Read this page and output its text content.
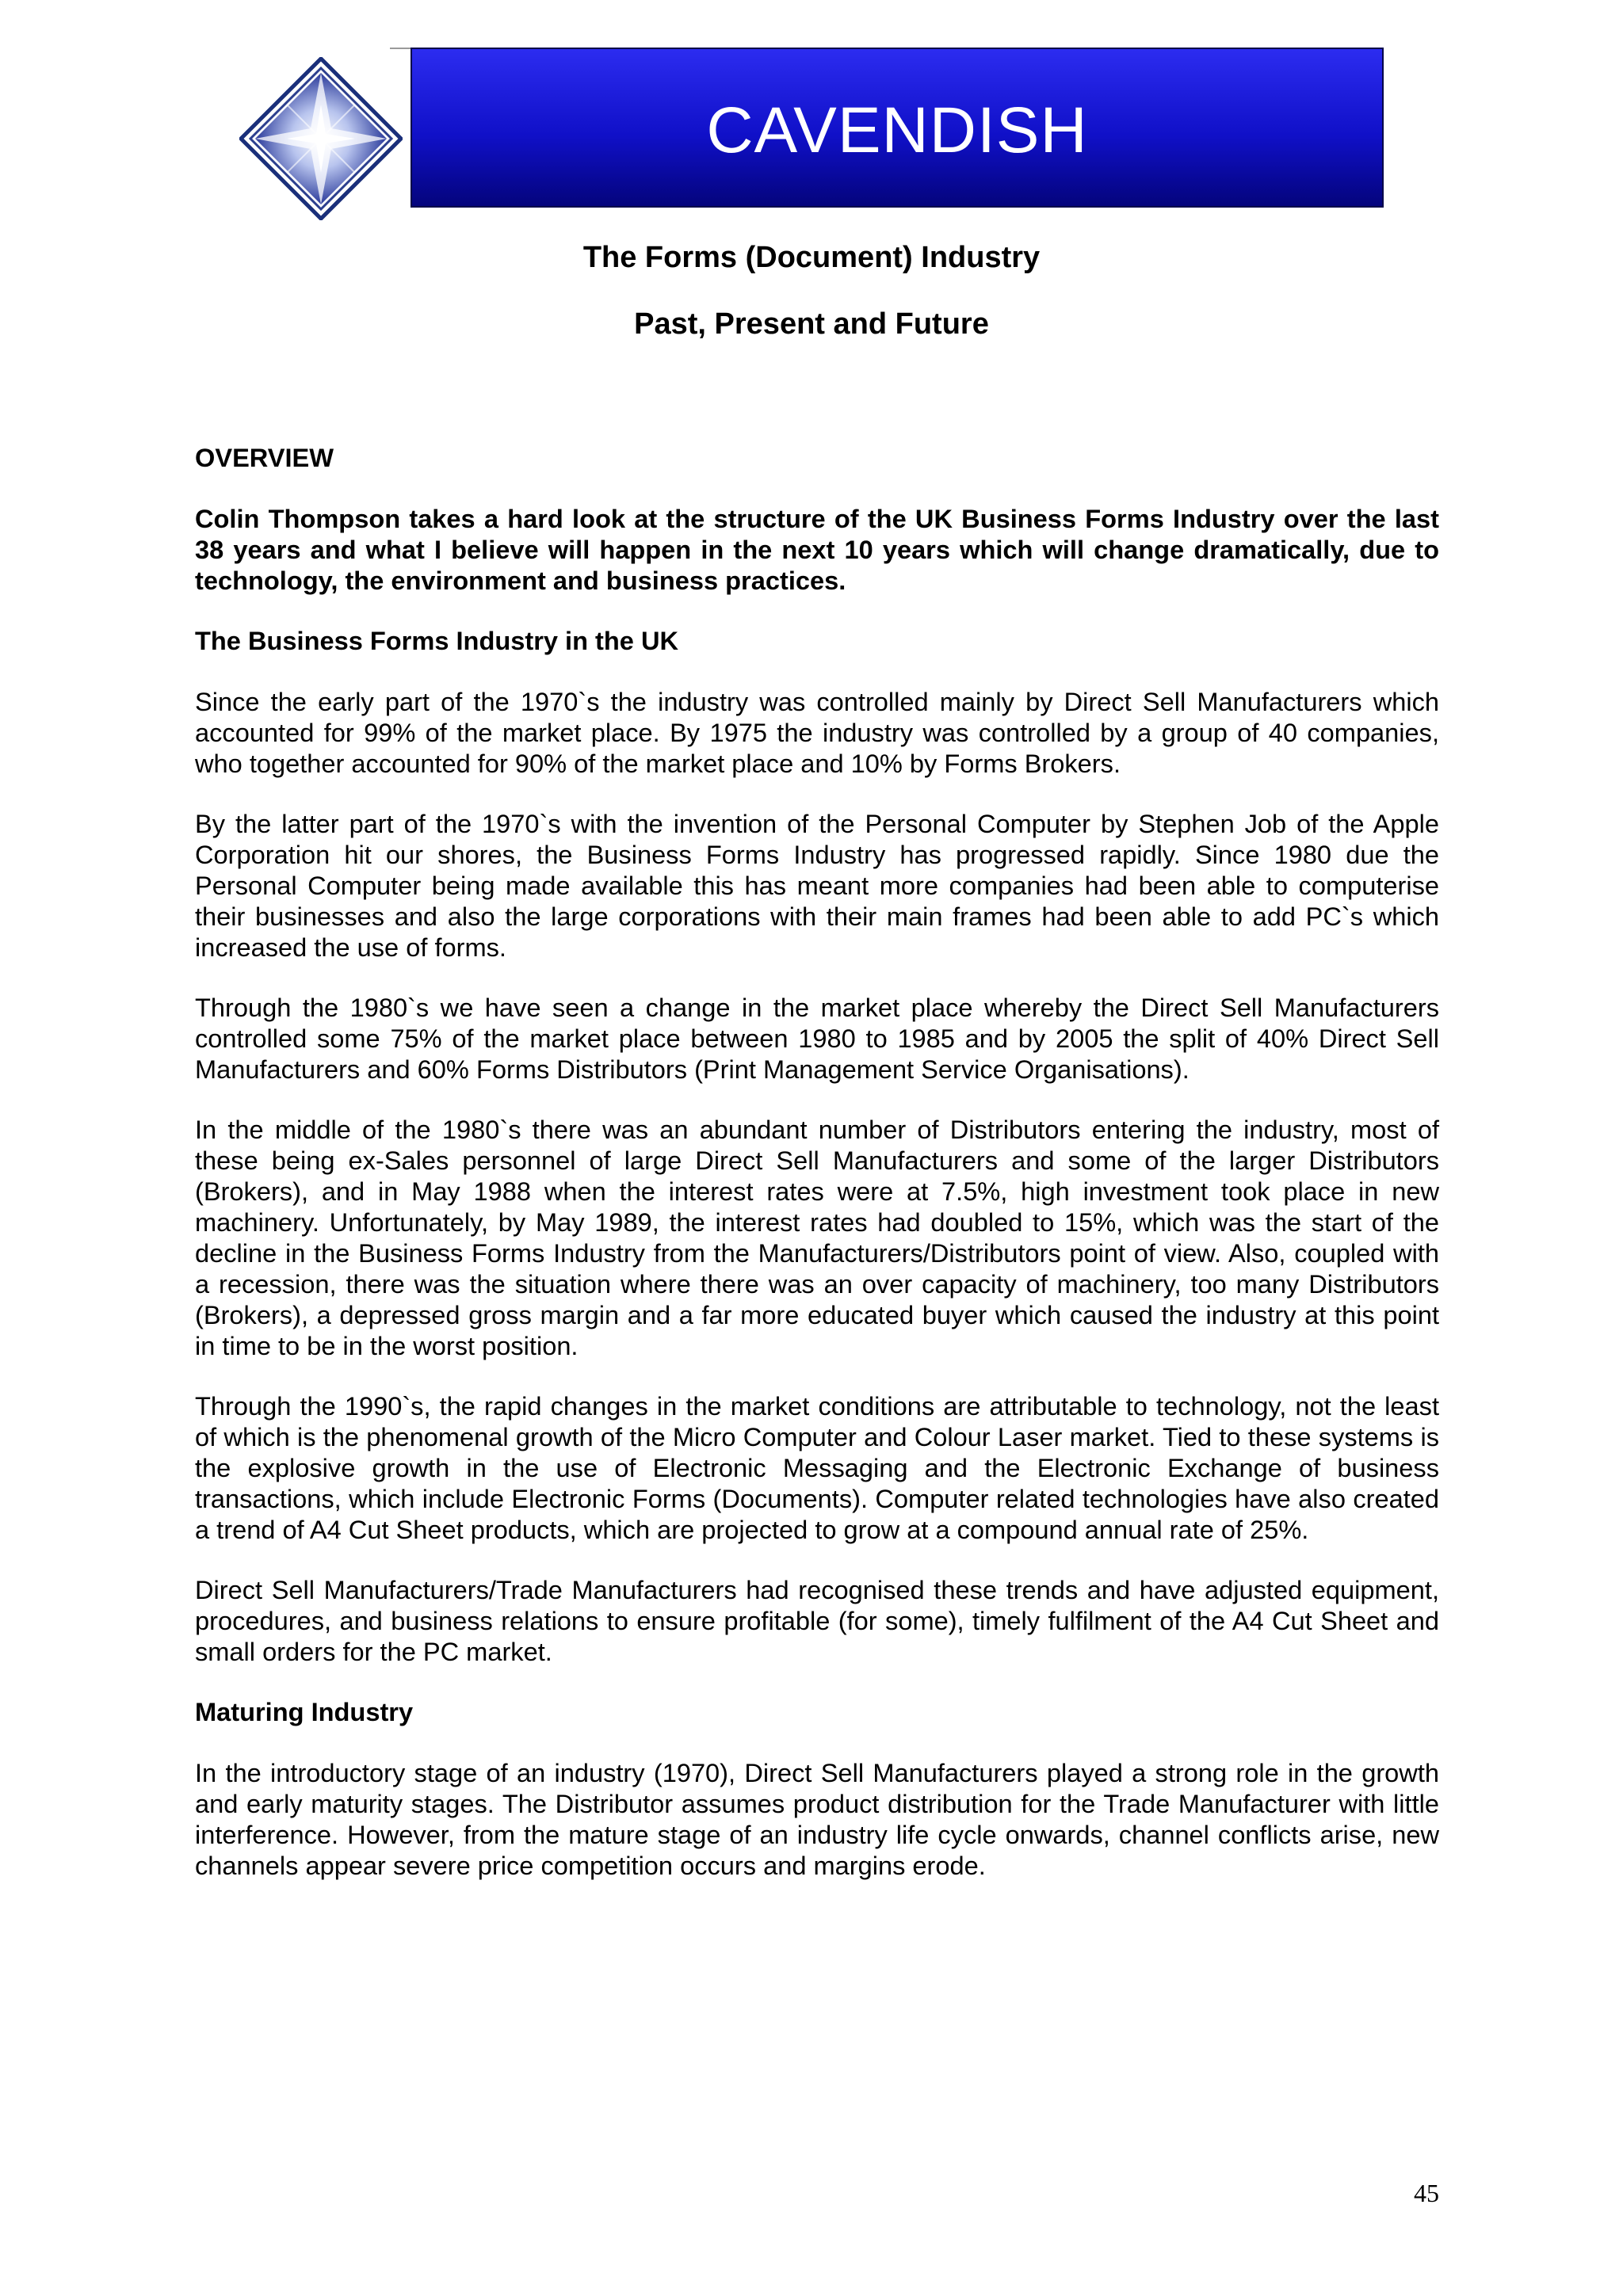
CAVENDISH
The Forms (Document) Industry
Past, Present and Future
OVERVIEW

Colin Thompson takes a hard look at the structure of the UK Business Forms Industry over the last 38 years and what I believe will happen in the next 10 years which will change dramatically, due to technology, the environment and business practices.

The Business Forms Industry in the UK

Since the early part of the 1970`s the industry was controlled mainly by Direct Sell Manufacturers which accounted for 99% of the market place. By 1975 the industry was controlled by a group of 40 companies, who together accounted for 90% of the market place and 10% by Forms Brokers.

By the latter part of the 1970`s with the invention of the Personal Computer by Stephen Job of the Apple Corporation hit our shores, the Business Forms Industry has progressed rapidly. Since 1980 due the Personal Computer being made available this has meant more companies had been able to computerise their businesses and also the large corporations with their main frames had been able to add PC`s which increased the use of forms.

Through the 1980`s we have seen a change in the market place whereby the Direct Sell Manufacturers controlled some 75% of the market place between 1980 to 1985 and by 2005 the split of 40% Direct Sell Manufacturers and 60% Forms Distributors (Print Management Service Organisations).

In the middle of the 1980`s there was an abundant number of Distributors entering the industry, most of these being ex-Sales personnel of large Direct Sell Manufacturers and some of the larger Distributors (Brokers), and in May 1988 when the interest rates were at 7.5%, high investment took place in new machinery. Unfortunately, by May 1989, the interest rates had doubled to 15%, which was the start of the decline in the Business Forms Industry from the Manufacturers/Distributors point of view. Also, coupled with a recession, there was the situation where there was an over capacity of machinery, too many Distributors (Brokers), a depressed gross margin and a far more educated buyer which caused the industry at this point in time to be in the worst position.

Through the 1990`s, the rapid changes in the market conditions are attributable to technology, not the least of which is the phenomenal growth of the Micro Computer and Colour Laser market. Tied to these systems is the explosive growth in the use of Electronic Messaging and the Electronic Exchange of business transactions, which include Electronic Forms (Documents). Computer related technologies have also created a trend of A4 Cut Sheet products, which are projected to grow at a compound annual rate of 25%.

Direct Sell Manufacturers/Trade Manufacturers had recognised these trends and have adjusted equipment, procedures, and business relations to ensure profitable (for some), timely fulfilment of the A4 Cut Sheet and small orders for the PC market.

Maturing Industry

In the introductory stage of an industry (1970), Direct Sell Manufacturers played a strong role in the growth and early maturity stages. The Distributor assumes product distribution for the Trade Manufacturer with little interference. However, from the mature stage of an industry life cycle onwards, channel conflicts arise, new channels appear severe price competition occurs and margins erode.

45
